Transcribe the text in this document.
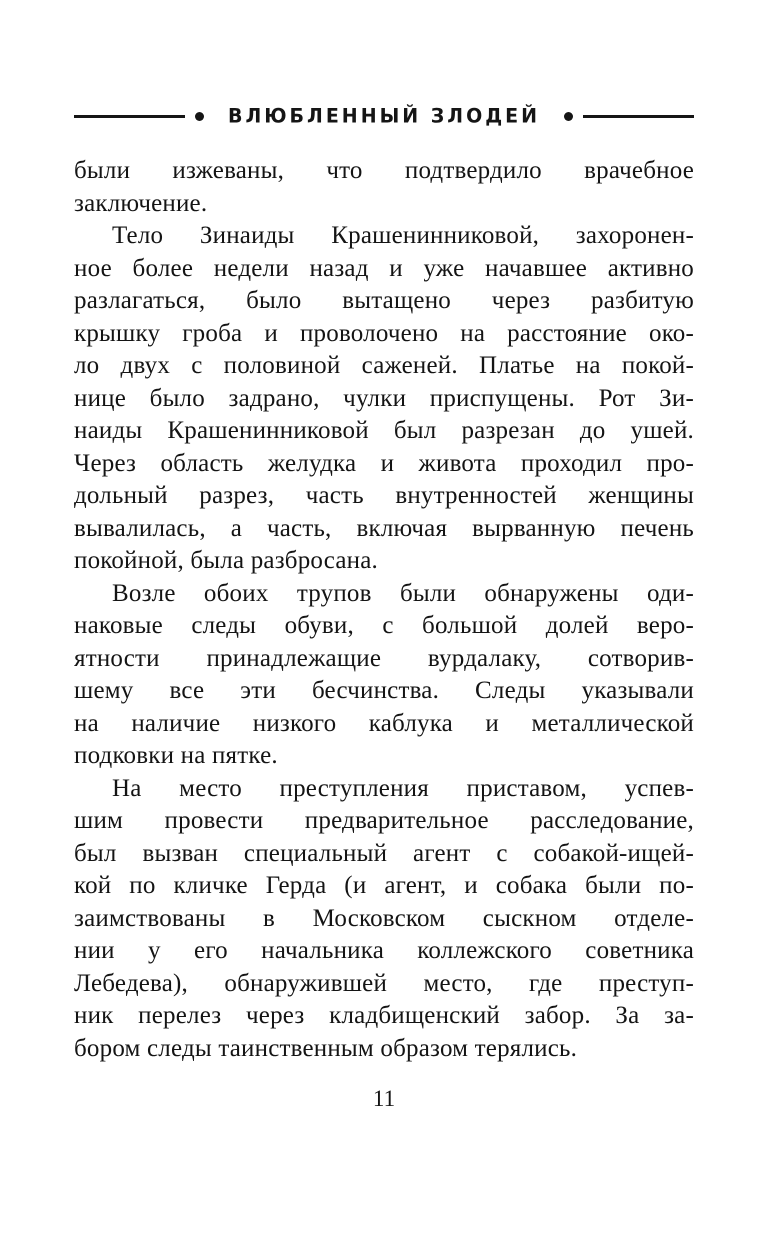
ВЛЮБЛЕННЫЙ ЗЛОДЕЙ
были изжеваны, что подтвердило врачебное
заключение.
Тело Зинаиды Крашенинниковой, захоронен-
ное более недели назад и уже начавшее активно
разлагаться, было вытащено через разбитую
крышку гроба и проволочено на расстояние око-
ло двух с половиной саженей. Платье на покой-
нице было задрано, чулки приспущены. Рот Зи-
наиды Крашенинниковой был разрезан до ушей.
Через область желудка и живота проходил про-
дольный разрез, часть внутренностей женщины
вывалилась, а часть, включая вырванную печень
покойной, была разбросана.
Возле обоих трупов были обнаружены оди-
наковые следы обуви, с большой долей веро-
ятности принадлежащие вурдалаку, сотворив-
шему все эти бесчинства. Следы указывали
на наличие низкого каблука и металлической
подковки на пятке.
На место преступления приставом, успев-
шим провести предварительное расследование,
был вызван специальный агент с собакой-ищей-
кой по кличке Герда (и агент, и собака были по-
заимствованы в Московском сыскном отделе-
нии у его начальника коллежского советника
Лебедева), обнаружившей место, где преступ-
ник перелез через кладбищенский забор. За за-
бором следы таинственным образом терялись.
11
